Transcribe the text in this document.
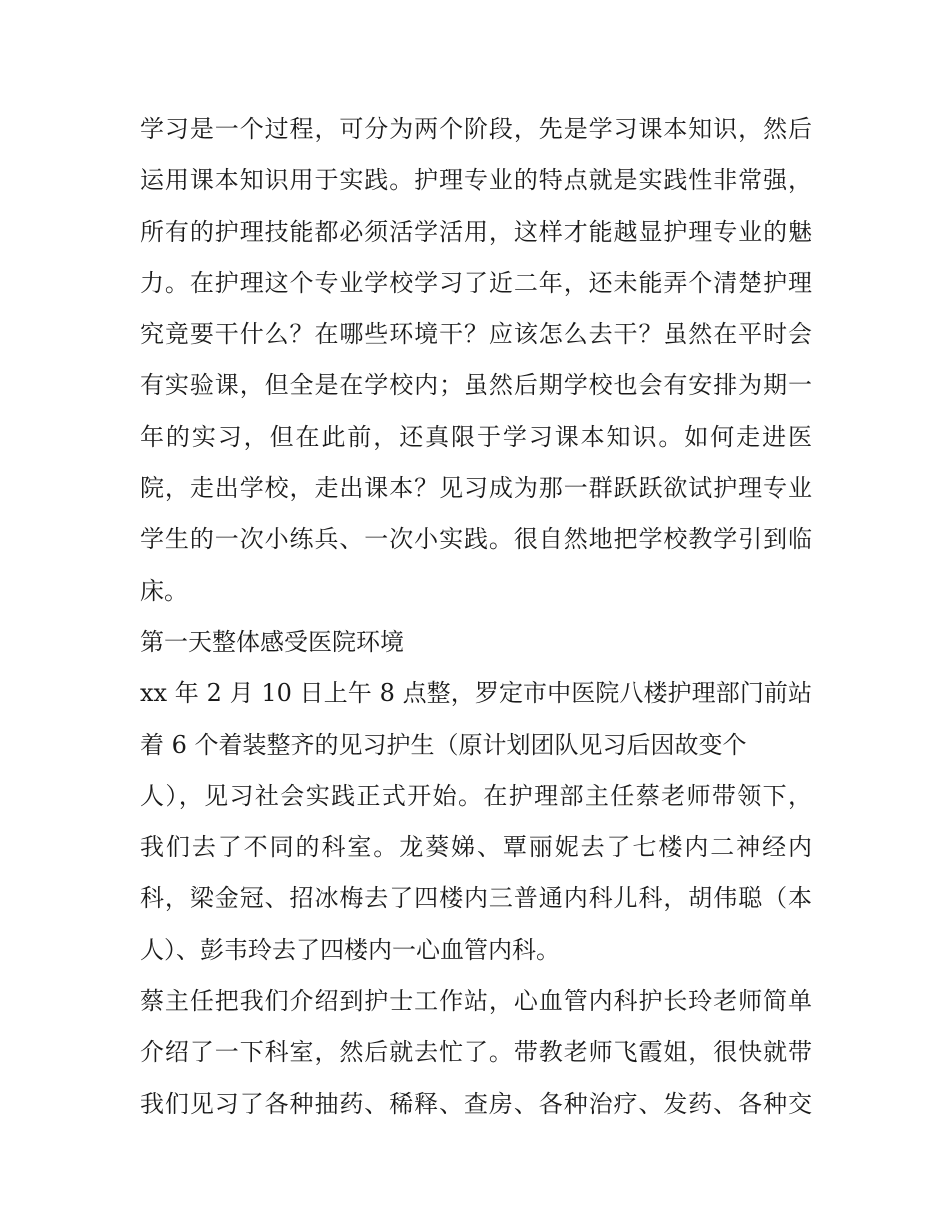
学习是一个过程，可分为两个阶段，先是学习课本知识，然后
运用课本知识用于实践。护理专业的特点就是实践性非常强，
所有的护理技能都必须活学活用，这样才能越显护理专业的魅
力。在护理这个专业学校学习了近二年，还未能弄个清楚护理
究竟要干什么？在哪些环境干？应该怎么去干？虽然在平时会
有实验课，但全是在学校内；虽然后期学校也会有安排为期一
年的实习，但在此前，还真限于学习课本知识。如何走进医
院，走出学校，走出课本？见习成为那一群跃跃欲试护理专业
学生的一次小练兵、一次小实践。很自然地把学校教学引到临
床。
第一天整体感受医院环境
xx 年 2 月 10 日上午 8 点整，罗定市中医院八楼护理部门前站
着 6 个着装整齐的见习护生（原计划团队见习后因故变个
人），见习社会实践正式开始。在护理部主任蔡老师带领下，
我们去了不同的科室。龙葵娣、覃丽妮去了七楼内二神经内
科，梁金冠、招冰梅去了四楼内三普通内科儿科，胡伟聪（本
人）、彭韦玲去了四楼内一心血管内科。
蔡主任把我们介绍到护士工作站，心血管内科护长玲老师简单
介绍了一下科室，然后就去忙了。带教老师飞霞姐，很快就带
我们见习了各种抽药、稀释、查房、各种治疗、发药、各种交
